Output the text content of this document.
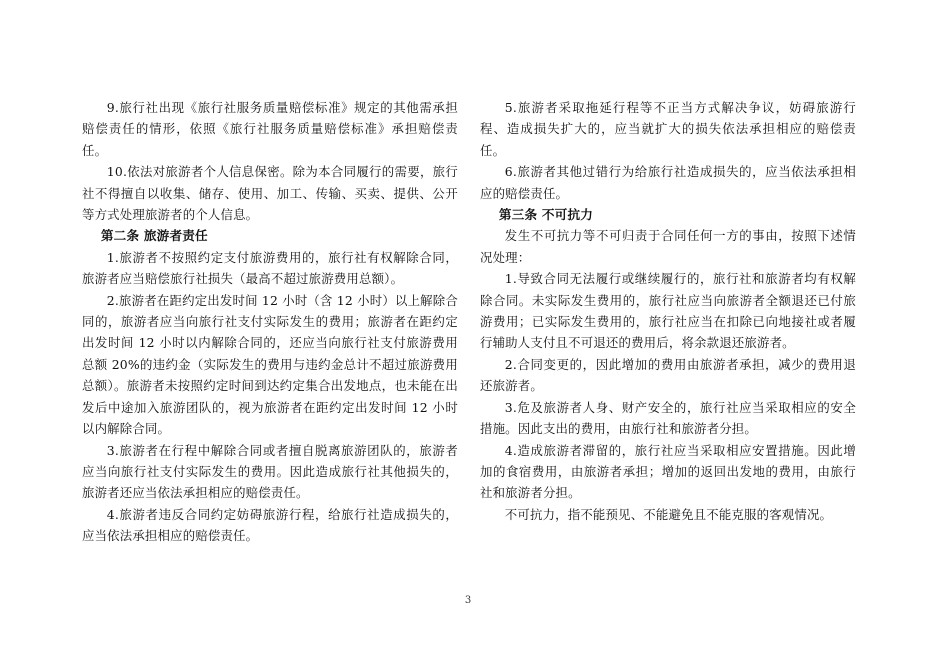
9.旅行社出现《旅行社服务质量赔偿标准》规定的其他需承担赔偿责任的情形，依照《旅行社服务质量赔偿标准》承担赔偿责任。

10.依法对旅游者个人信息保密。除为本合同履行的需要，旅行社不得擅自以收集、储存、使用、加工、传输、买卖、提供、公开等方式处理旅游者的个人信息。

第二条 旅游者责任

1.旅游者不按照约定支付旅游费用的，旅行社有权解除合同，旅游者应当赔偿旅行社损失（最高不超过旅游费用总额）。

2.旅游者在距约定出发时间 12 小时（含 12 小时）以上解除合同的，旅游者应当向旅行社支付实际发生的费用；旅游者在距约定出发时间 12 小时以内解除合同的，还应当向旅行社支付旅游费用总额 20%的违约金（实际发生的费用与违约金总计不超过旅游费用总额）。旅游者未按照约定时间到达约定集合出发地点，也未能在出发后中途加入旅游团队的，视为旅游者在距约定出发时间 12 小时以内解除合同。

3.旅游者在行程中解除合同或者擅自脱离旅游团队的，旅游者应当向旅行社支付实际发生的费用。因此造成旅行社其他损失的，旅游者还应当依法承担相应的赔偿责任。

4.旅游者违反合同约定妨碍旅游行程，给旅行社造成损失的，应当依法承担相应的赔偿责任。

5.旅游者采取拖延行程等不正当方式解决争议，妨碍旅游行程、造成损失扩大的，应当就扩大的损失依法承担相应的赔偿责任。

6.旅游者其他过错行为给旅行社造成损失的，应当依法承担相应的赔偿责任。

第三条 不可抗力

发生不可抗力等不可归责于合同任何一方的事由，按照下述情况处理：

1.导致合同无法履行或继续履行的，旅行社和旅游者均有权解除合同。未实际发生费用的，旅行社应当向旅游者全额退还已付旅游费用；已实际发生费用的，旅行社应当在扣除已向地接社或者履行辅助人支付且不可退还的费用后，将余款退还旅游者。

2.合同变更的，因此增加的费用由旅游者承担，减少的费用退还旅游者。

3.危及旅游者人身、财产安全的，旅行社应当采取相应的安全措施。因此支出的费用，由旅行社和旅游者分担。

4.造成旅游者滞留的，旅行社应当采取相应安置措施。因此增加的食宿费用，由旅游者承担；增加的返回出发地的费用，由旅行社和旅游者分担。

不可抗力，指不能预见、不能避免且不能克服的客观情况。

3
